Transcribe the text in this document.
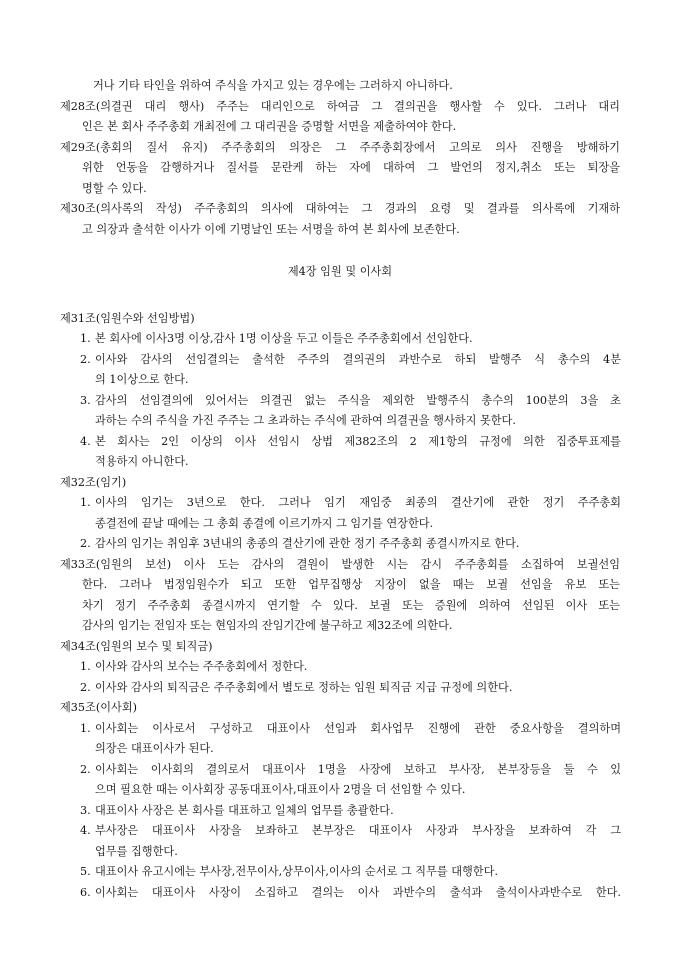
거나 기타 타인을 위하여 주식을 가지고 있는 경우에는 그러하지 아니하다.

제28조(의결권 대리 행사) 주주는 대리인으로 하여금 그 결의권을 행사할 수 있다. 그러나 대리

인은 본 회사 주주총회 개최전에 그 대리권을 증명할 서면을 제출하여야 한다.

제29조(총회의 질서 유지) 주주총회의 의장은 그 주주총회장에서 고의로 의사 진행을 방해하기

위한 언동을 감행하거나 질서를 문란케 하는 자에 대하여 그 발언의 정지,취소 또는 퇴장을

명할 수 있다.

제30조(의사록의 작성) 주주총회의 의사에 대하여는 그 경과의 요령 및 결과를 의사록에 기재하

고 의장과 출석한 이사가 이에 기명날인 또는 서명을 하여 본 회사에 보존한다.

제4장 임원 및 이사회

제31조(임원수와 선임방법)

1. 본 회사에 이사3명 이상,감사 1명 이상을 두고 이들은 주주총회에서 선임한다.
2. 이사와 감사의 선임결의는 출석한 주주의 결의권의 과반수로 하되 발행주 식 총수의 4분
의 1이상으로 한다.
3. 감사의 선임결의에 있어서는 의결권 없는 주식을 제외한 발행주식 총수의 100분의 3을 초
과하는 수의 주식을 가진 주주는 그 초과하는 주식에 관하여 의결권을 행사하지 못한다.
4. 본 회사는 2인 이상의 이사 선임시 상법 제382조의 2 제1항의 규정에 의한 집중투표제를
적용하지 아니한다.

제32조(임기)

1. 이사의 임기는 3년으로 한다. 그러나 임기 재임중 최종의 결산기에 관한 정기 주주총회
종결전에 끝날 때에는 그 총회 종결에 이르기까지 그 임기를 연장한다.
2. 감사의 임기는 취임후 3년내의 총종의 결산기에 관한 정기 주주총회 종결시까지로 한다.

제33조(임원의 보선) 이사 도는 감사의 결원이 발생한 시는 감시 주주총회를 소집하여 보궐선임

한다. 그러나 법정임원수가 되고 또한 업무집행상 지장이 없을 때는 보궐 선임을 유보 또는

차기 정기 주주총회 종결시까지 연기할 수 있다. 보궐 또는 증원에 의하여 선임된 이사 또는

감사의 임기는 전임자 또는 현임자의 잔임기간에 불구하고 제32조에 의한다.

제34조(임원의 보수 및 퇴직금)

1. 이사와 감사의 보수는 주주총회에서 정한다.
2. 이사와 감사의 퇴직금은 주주총회에서 별도로 정하는 임원 퇴직금 지급 규정에 의한다.

제35조(이사회)

1. 이사회는 이사로서 구성하고 대표이사 선임과 회사업무 진행에 관한 중요사항을 결의하며
의장은 대표이사가 된다.
2. 이사회는 이사회의 결의로서 대표이사 1명을 사장에 보하고 부사장, 본부장등을 둘 수 있
으며 필요한 때는 이사회장 공동대표이사,대표이사 2명을 더 선임할 수 있다.
3. 대표이사 사장은 본 회사를 대표하고 일체의 업무를 총괄한다.
4. 부사장은 대표이사 사장을 보좌하고 본부장은 대표이사 사장과 부사장을 보좌하여 각 그
업무를 집행한다.
5. 대표이사 유고시에는 부사장,전무이사,상무이사,이사의 순서로 그 직무를 대행한다.
6. 이사회는 대표이사 사장이 소집하고 결의는 이사 과반수의 출석과 출석이사과반수로 한다.
